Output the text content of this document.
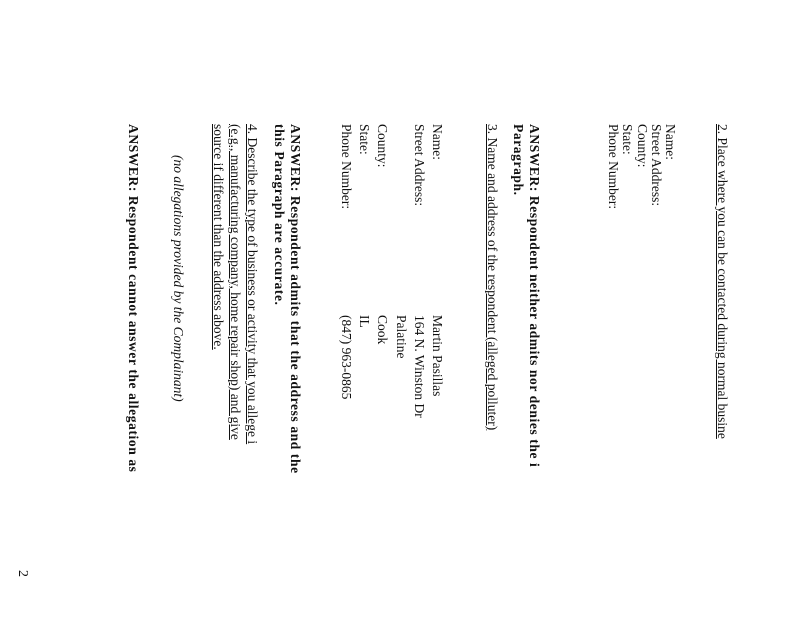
2. Place where you can be contacted during normal busine
Name:
Street Address:
County:
State:
Phone Number:
ANSWER: Respondent neither admits nor denies the i
Paragraph.
3. Name and address of the respondent (alleged polluter)
Name:
Martin Pasillas
Street Address:
164 N. Winston Dr
Palatine
County:
Cook
State:
IL
Phone Number:
(847) 963-0865
ANSWER: Respondent admits that the address and the
this Paragraph are accurate.
4. Describe the type of business or activity that you allege i
(e.g., manufacturing company, home repair shop) and give
source if different than the address above.
(no allegations provided by the Complainant)
ANSWER: Respondent cannot answer the allegation as
2
